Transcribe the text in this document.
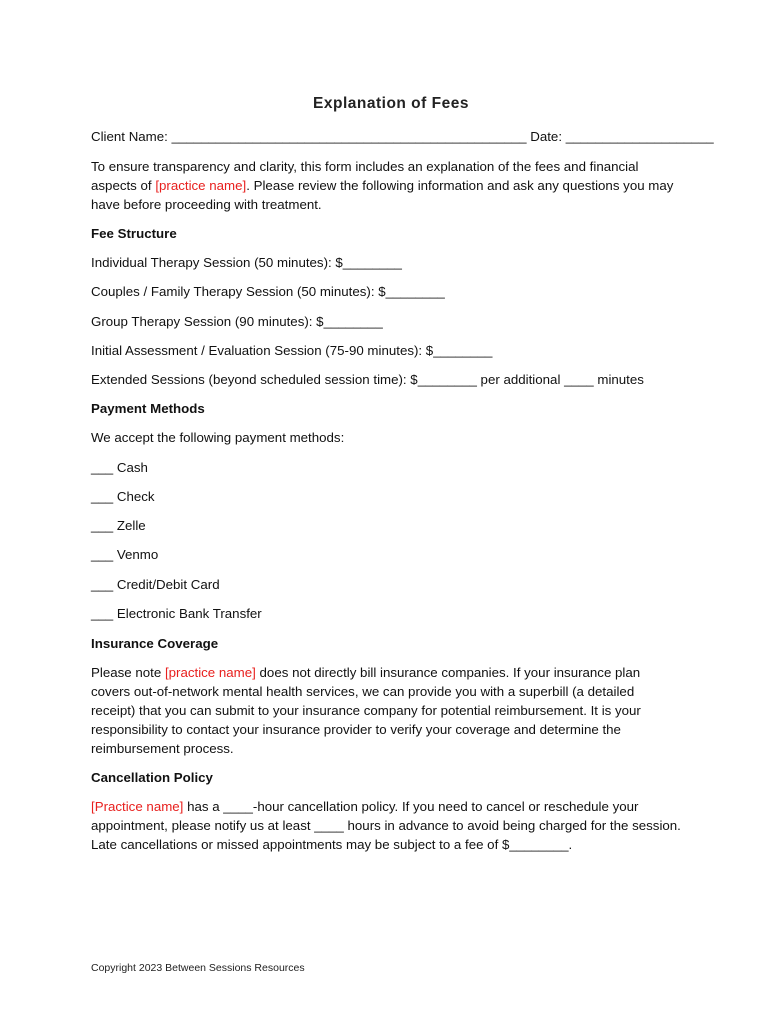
Explanation of Fees
Client Name: ________________________________________________ Date: ____________________
To ensure transparency and clarity, this form includes an explanation of the fees and financial aspects of [practice name]. Please review the following information and ask any questions you may have before proceeding with treatment.
Fee Structure
Individual Therapy Session (50 minutes): $________
Couples / Family Therapy Session (50 minutes): $________
Group Therapy Session (90 minutes): $________
Initial Assessment / Evaluation Session (75-90 minutes): $________
Extended Sessions (beyond scheduled session time): $________ per additional ____ minutes
Payment Methods
We accept the following payment methods:
___ Cash
___ Check
___ Zelle
___ Venmo
___ Credit/Debit Card
___ Electronic Bank Transfer
Insurance Coverage
Please note [practice name] does not directly bill insurance companies. If your insurance plan covers out-of-network mental health services, we can provide you with a superbill (a detailed receipt) that you can submit to your insurance company for potential reimbursement. It is your responsibility to contact your insurance provider to verify your coverage and determine the reimbursement process.
Cancellation Policy
[Practice name] has a ____-hour cancellation policy. If you need to cancel or reschedule your appointment, please notify us at least ____ hours in advance to avoid being charged for the session. Late cancellations or missed appointments may be subject to a fee of $________.
Copyright 2023 Between Sessions Resources
